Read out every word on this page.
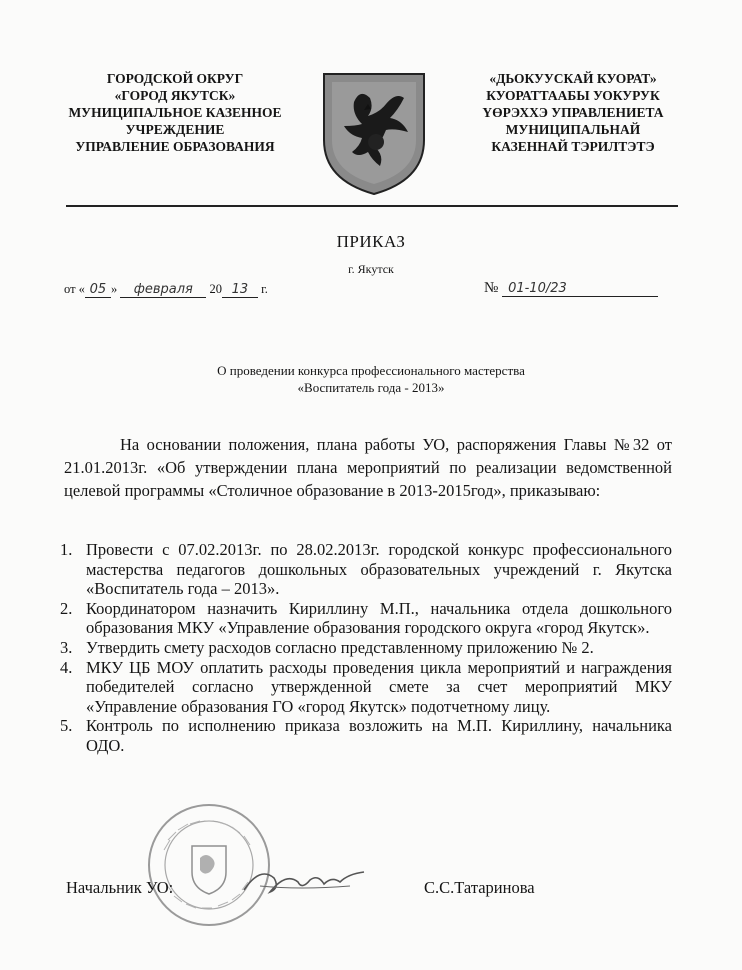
ГОРОДСКОЙ ОКРУГ
«ГОРОД ЯКУТСК»
МУНИЦИПАЛЬНОЕ КАЗЕННОЕ
УЧРЕЖДЕНИЕ
УПРАВЛЕНИЕ ОБРАЗОВАНИЯ
«ДЬОКУУСКАЙ КУОРАТ»
КУОРАТТААБЫ УОКУРУК
ҮӨРЭХХЭ УПРАВЛЕНИЕТА
МУНИЦИПАЛЬНАЙ
КАЗЕННАЙ ТЭРИЛТЭТЭ
ПРИКАЗ
г. Якутск
от « 05 » февраля 20 13 г.	№ 01-10/23
О проведении конкурса профессионального мастерства
«Воспитатель года - 2013»
На основании положения, плана работы УО, распоряжения Главы №32 от 21.01.2013г. «Об утверждении плана мероприятий по реализации ведомственной целевой программы «Столичное образование в 2013-2015год», приказываю:
1. Провести с 07.02.2013г. по 28.02.2013г. городской конкурс профессионального мастерства педагогов дошкольных образовательных учреждений г. Якутска «Воспитатель года – 2013».
2. Координатором назначить Кириллину М.П., начальника отдела дошкольного образования МКУ «Управление образования городского округа «город Якутск».
3. Утвердить смету расходов согласно представленному приложению № 2.
4. МКУ ЦБ МОУ оплатить расходы проведения цикла мероприятий и награждения победителей согласно утвержденной смете за счет мероприятий МКУ «Управление образования ГО «город Якутск» подотчетному лицу.
5. Контроль по исполнению приказа возложить на М.П. Кириллину, начальника ОДО.
Начальник УО:	С.С.Татаринова
